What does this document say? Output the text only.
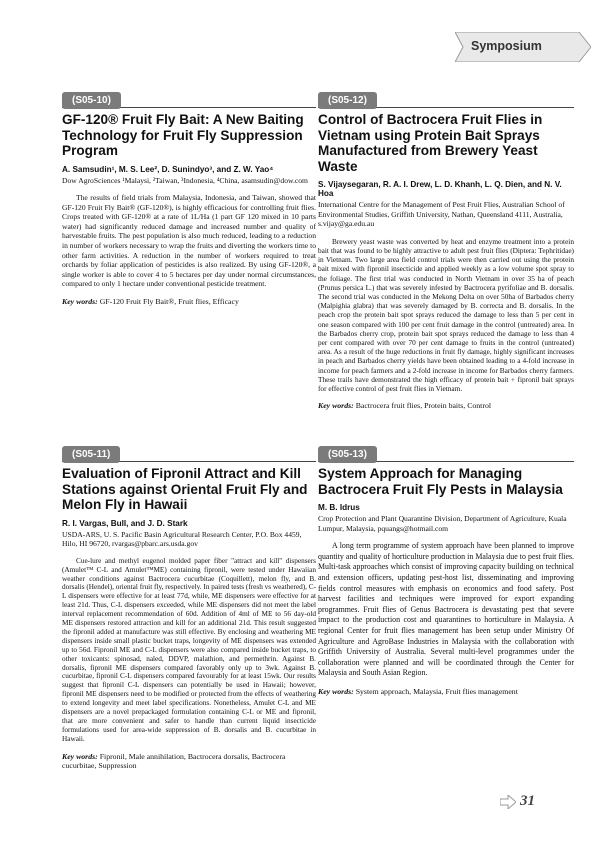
Symposium
(S05-10)
GF-120® Fruit Fly Bait: A New Baiting Technology for Fruit Fly Suppression Program
A. Samsudin¹, M. S. Lee², D. Sunindyo³, and Z. W. Yao⁴
Dow AgroSciences ¹Malaysi, ²Taiwan, ³Indonesia, ⁴China, asamsudin@dow.com
The results of field trials from Malaysia, Indonesia, and Taiwan, showed that GF-120 Fruit Fly Bait® (GF-120®), is highly efficacious for controlling fruit flies. Crops treated with GF-120® at a rate of 1L/Ha (1 part GF 120 mixed in 10 parts water) had significantly reduced damage and increased number and quality of harvestable fruits. The pest population is also much reduced, leading to a reduction in number of workers necessary to wrap the fruits and diverting the workers time to other farm activities. A reduction in the number of workers required to treat orchards by foliar application of pesticides is also realized. By using GF-120®, a single worker is able to cover 4 to 5 hectares per day under normal circumstances, compared to only 1 hectare under conventional pesticide treatment.
Key words: GF-120 Fruit Fly Bait®, Fruit flies, Efficacy
(S05-12)
Control of Bactrocera Fruit Flies in Vietnam using Protein Bait Sprays Manufactured from Brewery Yeast Waste
S. Vijaysegaran, R. A. I. Drew, L. D. Khanh, L. Q. Dien, and N. V. Hoa
International Centre for the Management of Pest Fruit Flies, Australian School of Environmental Studies, Griffith University, Nathan, Queensland 4111, Australia, s.vijay@ga.edu.au
Brewery yeast waste was converted by heat and enzyme treatment into a protein bait that was found to be highly attractive to adult pest fruit flies (Diptera: Tephritidae) in Vietnam. Two large area field control trials were then carried out using the protein bait mixed with fipronil insecticide and applied weekly as a low volume spot spray to the foliage. The first trial was conducted in North Vietnam in over 35 ha of peach (Prunus persica L.) that was severely infested by Bactrocera pyrifoliae and B. dorsalis. The second trial was conducted in the Mekong Delta on over 50ha of Barbados cherry (Malpighia glabra) that was severely damaged by B. correcta and B. dorsalis. In the peach crop the protein bait spot sprays reduced the damage to less than 5 per cent in one season compared with 100 per cent fruit damage in the control (untreated) area. In the Barbados cherry crop, protein bait spot sprays reduced the damage to less than 4 per cent compared with over 70 per cent damage to fruits in the control (untreated) area. As a result of the huge reductions in fruit fly damage, highly significant increases in peach and Barbados cherry yields have been obtained leading to a 4-fold increase in income for peach farmers and a 2-fold increase in income for Barbados cherry farmers. These trails have demonstrated the high efficacy of protein bait + fipronil bait sprays for effective control of pest fruit flies in Vietnam.
Key words: Bactrocera fruit flies, Protein baits, Control
(S05-11)
Evaluation of Fipronil Attract and Kill Stations against Oriental Fruit Fly and Melon Fly in Hawaii
R. I. Vargas, Bull, and J. D. Stark
USDA-ARS, U. S. Pacific Basin Agricultural Research Center, P.O. Box 4459, Hilo, HI 96720, rvargas@pbarc.ars.usda.gov
Cue-lure and methyl eugenol molded paper fiber "attract and kill" dispensers (Amulet™ C-L and Amulet™ME) containing fipronil, were tested under Hawaiian weather conditions against Bactrocera cucurbitae (Coquillett), melon fly, and B. dorsalis (Hendel), oriental fruit fly, respectively. In paired tests (fresh vs weathered), C-L dispensers were effective for at least 77d, while, ME dispensers were effective for at least 21d. Thus, C-L dispensers exceeded, while ME dispensers did not meet the label interval replacement recommendation of 60d. Addition of 4ml of ME to 56 day-old ME dispensers restored attraction and kill for an additional 21d. This result suggested the fipronil added at manufacture was still effective. By enclosing and weathering ME dispensers inside small plastic bucket traps, longevity of ME dispensers was extended up to 56d. Fipronil ME and C-L dispensers were also compared inside bucket traps, to other toxicants: spinosad, naled, DDVP, malathion, and permethrin. Against B. dorsalis, fipronil ME dispensers compared favorably only up to 3wk. Against B. cucurbitae, fipronil C-L dispensers compared favourably for at least 15wk. Our results suggest that fipronil C-L dispensers can potentially be used in Hawaii; however, fipronil ME dispensers need to be modified or protected from the effects of weathering to extend longevity and meet label specifications. Nonetheless, Amulet C-L and ME dispensers are a novel prepackaged formulation containing C-L or ME and fipronil, that are more convenient and safer to handle than current liquid insecticide formulations used for area-wide suppression of B. dorsalis and B. cucurbitae in Hawaii.
Key words: Fipronil, Male annihilation, Bactrocera dorsalis, Bactrocera cucurbitae, Suppression
(S05-13)
System Approach for Managing Bactrocera Fruit Fly Pests in Malaysia
M. B. Idrus
Crop Protection and Plant Quarantine Division, Department of Agriculture, Kuala Lumpur, Malaysia, pquangs@hotmail.com
A long term programme of system approach have been planned to improve quantity and quality of horticulture production in Malaysia due to pest fruit flies. Multi-task approaches which consist of improving capacity building on technical and extension officers, updating pest-host list, disseminating and improving fields control measures with emphasis on economics and food safety. Post harvest facilities and techniques were improved for export expanding programmes. Fruit flies of Genus Bactrocera is devastating pest that severe impact to the production cost and quarantines to horticulture in Malaysia. A regional Center for fruit flies management has been setup under Ministry Of Agriculture and AgroBase Industries in Malaysia with the collaboration with Griffith University of Australia. Several multi-level programmes under the collaboration were planned and will be coordinated through the Center for Malaysia and South Asian Region.
Key words: System approach, Malaysia, Fruit flies management
31
